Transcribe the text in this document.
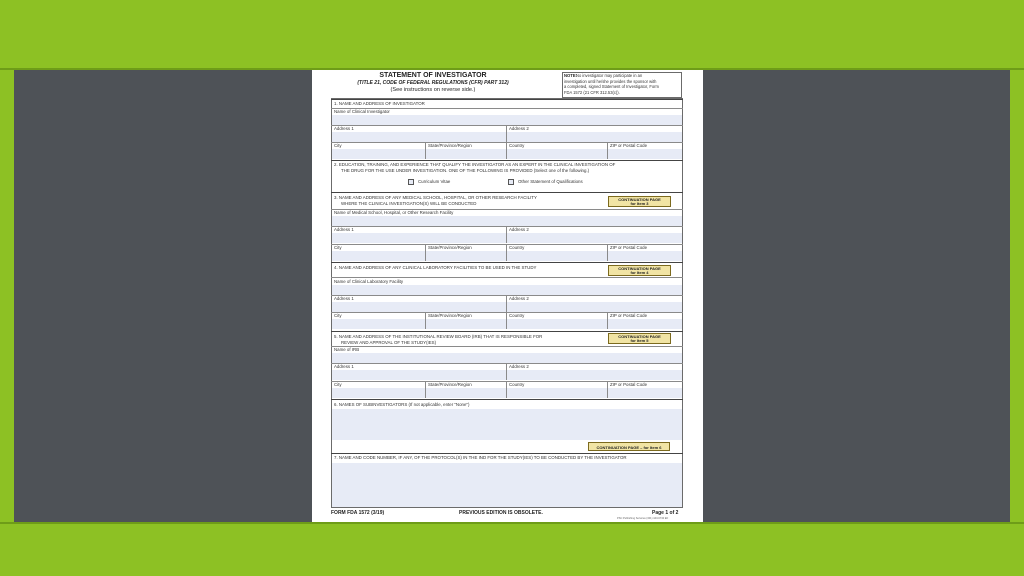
STATEMENT OF INVESTIGATOR
(TITLE 21, CODE OF FEDERAL REGULATIONS (CFR) PART 312)
(See instructions on reverse side.)
NOTE:
No investigator may participate in an
investigation until he/she provides the sponsor with
a completed, signed Statement of Investigator, Form
FDA 1572 (21 CFR 312.53(c)).
1. NAME AND ADDRESS OF INVESTIGATOR
Name of Clinical Investigator
Address 1	Address 2
City	State/Province/Region	Country	ZIP or Postal Code
2. EDUCATION, TRAINING, AND EXPERIENCE THAT QUALIFY THE INVESTIGATOR AS AN EXPERT IN THE CLINICAL INVESTIGATION OF
THE DRUG FOR THE USE UNDER INVESTIGATION. ONE OF THE FOLLOWING IS PROVIDED (Select one of the following.)
Curriculum Vitae	Other Statement of Qualifications
3. NAME AND ADDRESS OF ANY MEDICAL SCHOOL, HOSPITAL, OR OTHER RESEARCH FACILITY
WHERE THE CLINICAL INVESTIGATION(S) WILL BE CONDUCTED
CONTINUATION PAGE
for Item 3
Name of Medical School, Hospital, or Other Research Facility
Address 1	Address 2
City	State/Province/Region	Country	ZIP or Postal Code
4. NAME AND ADDRESS OF ANY CLINICAL LABORATORY FACILITIES TO BE USED IN THE STUDY	CONTINUATION PAGE
for Item 4
Name of Clinical Laboratory Facility
Address 1	Address 2
City	State/Province/Region	Country	ZIP or Postal Code
5. NAME AND ADDRESS OF THE INSTITUTIONAL REVIEW BOARD (IRB) THAT IS RESPONSIBLE FOR
REVIEW AND APPROVAL OF THE STUDY(IES)
CONTINUATION PAGE
for Item 5
Name of IRB
Address 1	Address 2
City	State/Province/Region	Country	ZIP or Postal Code
6. NAMES OF SUBINVESTIGATORS (If not applicable, enter "None")
CONTINUATION PAGE – for Item 6
7. NAME AND CODE NUMBER, IF ANY, OF THE PROTOCOL(S) IN THE IND FOR THE STUDY(IES) TO BE CONDUCTED BY THE INVESTIGATOR
FORM FDA 1572 (3/19)	PREVIOUS EDITION IS OBSOLETE.	Page 1 of 2
PSC Publishing Services (301) 443-6740 EF
